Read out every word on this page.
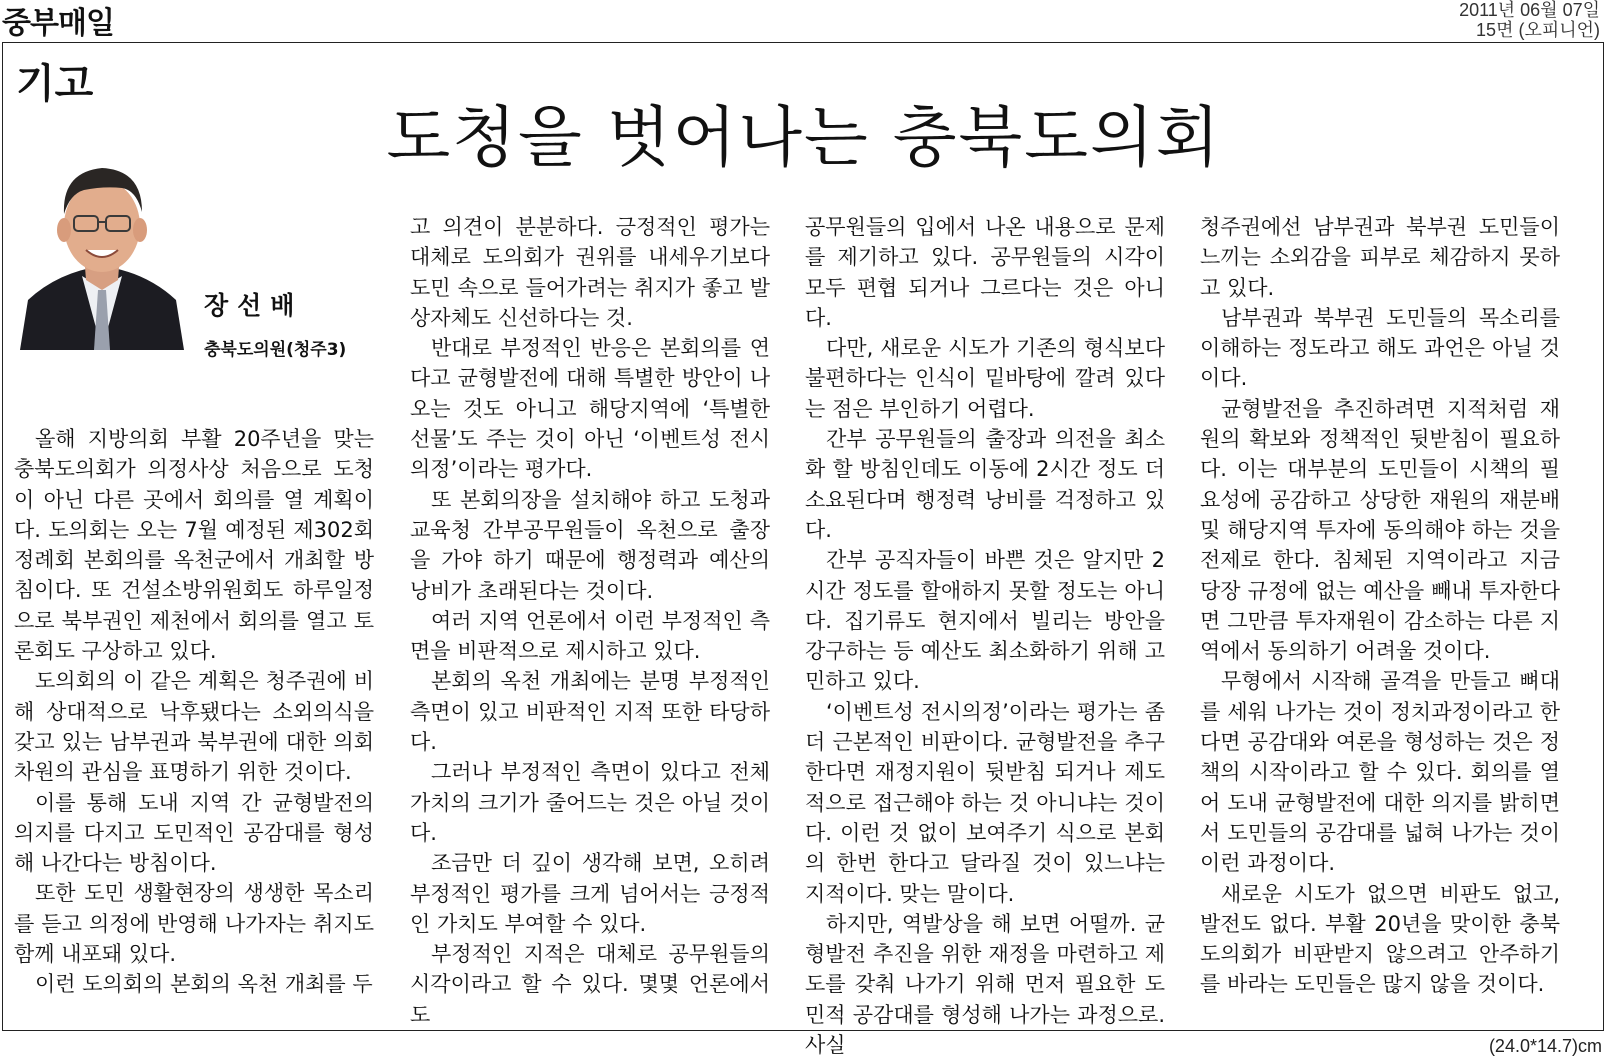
중부매일	2011년 06월 07일
15면 (오피니언)
기고
도청을 벗어나는 충북도의회
장선배
충북도의원(청주3)

올해 지방의회 부활 20주년을 맞는 충북도의회가 의정사상 처음으로 도청이 아닌 다른 곳에서 회의를 열 계획이다. 도의회는 오는 7월 예정된 제302회 정례회 본회의를 옥천군에서 개최할 방침이다. 또 건설소방위원회도 하루일정으로 북부권인 제천에서 회의를 열고 토론회도 구상하고 있다.

도의회의 이 같은 계획은 청주권에 비해 상대적으로 낙후됐다는 소외의식을 갖고 있는 남부권과 북부권에 대한 의회 차원의 관심을 표명하기 위한 것이다.

이를 통해 도내 지역 간 균형발전의 의지를 다지고 도민적인 공감대를 형성해 나간다는 방침이다.

또한 도민 생활현장의 생생한 목소리를 듣고 의정에 반영해 나가자는 취지도 함께 내포돼 있다.

이런 도의회의 본회의 옥천 개최를 두

고 의견이 분분하다. 긍정적인 평가는 대체로 도의회가 권위를 내세우기보다 도민 속으로 들어가려는 취지가 좋고 발상자체도 신선하다는 것.

반대로 부정적인 반응은 본회의를 연다고 균형발전에 대해 특별한 방안이 나오는 것도 아니고 해당지역에 ‘특별한 선물’도 주는 것이 아닌 ‘이벤트성 전시의정’이라는 평가다.

또 본회의장을 설치해야 하고 도청과 교육청 간부공무원들이 옥천으로 출장을 가야 하기 때문에 행정력과 예산의 낭비가 초래된다는 것이다.

여러 지역 언론에서 이런 부정적인 측면을 비판적으로 제시하고 있다.

본회의 옥천 개최에는 분명 부정적인 측면이 있고 비판적인 지적 또한 타당하다.

그러나 부정적인 측면이 있다고 전체 가치의 크기가 줄어드는 것은 아닐 것이다.

조금만 더 깊이 생각해 보면, 오히려 부정적인 평가를 크게 넘어서는 긍정적인 가치도 부여할 수 있다.

부정적인 지적은 대체로 공무원들의 시각이라고 할 수 있다. 몇몇 언론에서도

공무원들의 입에서 나온 내용으로 문제를 제기하고 있다. 공무원들의 시각이 모두 편협 되거나 그르다는 것은 아니다.

다만, 새로운 시도가 기존의 형식보다 불편하다는 인식이 밑바탕에 깔려 있다는 점은 부인하기 어렵다.

간부 공무원들의 출장과 의전을 최소화 할 방침인데도 이동에 2시간 정도 더 소요된다며 행정력 낭비를 걱정하고 있다.

간부 공직자들이 바쁜 것은 알지만 2시간 정도를 할애하지 못할 정도는 아니다. 집기류도 현지에서 빌리는 방안을 강구하는 등 예산도 최소화하기 위해 고민하고 있다.

‘이벤트성 전시의정’이라는 평가는 좀 더 근본적인 비판이다. 균형발전을 추구한다면 재정지원이 뒷받침 되거나 제도적으로 접근해야 하는 것 아니냐는 것이다. 이런 것 없이 보여주기 식으로 본회의 한번 한다고 달라질 것이 있느냐는 지적이다. 맞는 말이다.

하지만, 역발상을 해 보면 어떨까. 균형발전 추진을 위한 재정을 마련하고 제도를 갖춰 나가기 위해 먼저 필요한 도민적 공감대를 형성해 나가는 과정으로. 사실

청주권에선 남부권과 북부권 도민들이 느끼는 소외감을 피부로 체감하지 못하고 있다.

남부권과 북부권 도민들의 목소리를 이해하는 정도라고 해도 과언은 아닐 것이다.

균형발전을 추진하려면 지적처럼 재원의 확보와 정책적인 뒷받침이 필요하다. 이는 대부분의 도민들이 시책의 필요성에 공감하고 상당한 재원의 재분배 및 해당지역 투자에 동의해야 하는 것을 전제로 한다. 침체된 지역이라고 지금 당장 규정에 없는 예산을 빼내 투자한다면 그만큼 투자재원이 감소하는 다른 지역에서 동의하기 어려울 것이다.

무형에서 시작해 골격을 만들고 뼈대를 세워 나가는 것이 정치과정이라고 한다면 공감대와 여론을 형성하는 것은 정책의 시작이라고 할 수 있다. 회의를 열어 도내 균형발전에 대한 의지를 밝히면서 도민들의 공감대를 넓혀 나가는 것이 이런 과정이다.

새로운 시도가 없으면 비판도 없고, 발전도 없다. 부활 20년을 맞이한 충북도의회가 비판받지 않으려고 안주하기를 바라는 도민들은 많지 않을 것이다.

(24.0*14.7)cm
